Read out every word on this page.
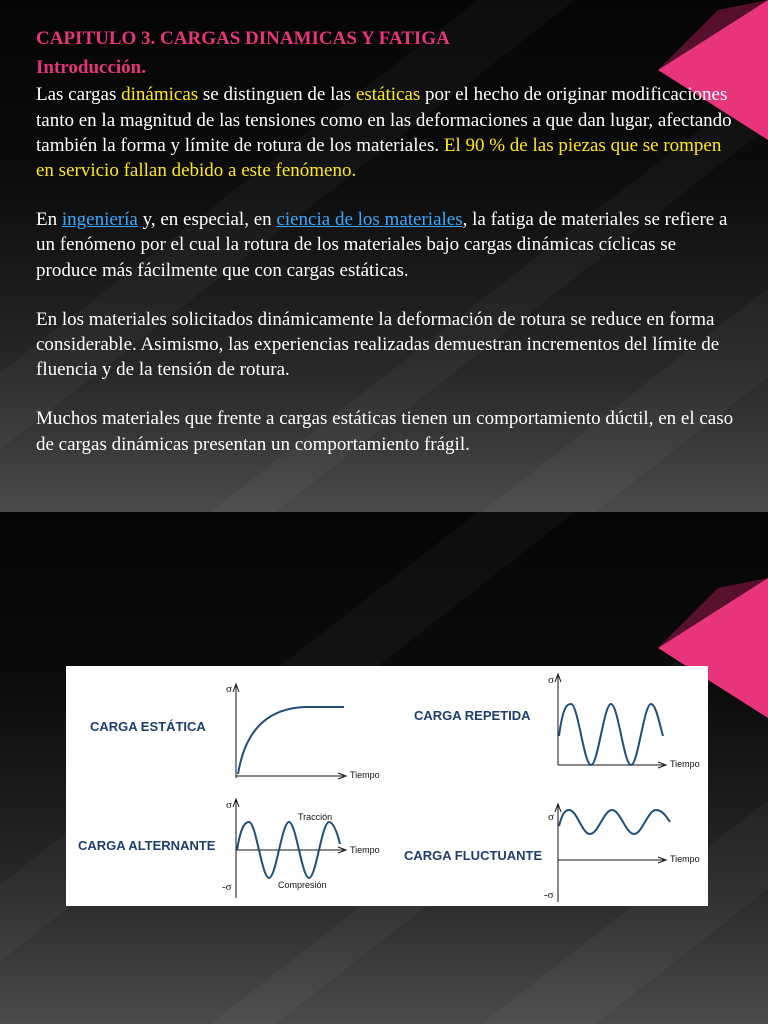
CAPITULO 3. CARGAS DINAMICAS Y FATIGA
Introducción.

Las cargas dinámicas se distinguen de las estáticas por el hecho de originar modificaciones tanto en la magnitud de las tensiones como en las deformaciones a que dan lugar, afectando también la forma y límite de rotura de los materiales. El 90 % de las piezas que se rompen en servicio fallan debido a este fenómeno.

En ingeniería y, en especial, en ciencia de los materiales, la fatiga de materiales se refiere a un fenómeno por el cual la rotura de los materiales bajo cargas dinámicas cíclicas se produce más fácilmente que con cargas estáticas.

En los materiales solicitados dinámicamente la deformación de rotura se reduce en forma considerable. Asimismo, las experiencias realizadas demuestran incrementos del límite de fluencia y de la tensión de rotura.

Muchos materiales que frente a cargas estáticas tienen un comportamiento dúctil, en el caso de cargas dinámicas presentan un comportamiento frágil.

CARGA ESTÁTICA
σ
Tiempo
CARGA REPETIDA
σ
Tiempo
CARGA ALTERNANTE
σ
-σ
Tiempo
Tracción
Compresión
CARGA FLUCTUANTE
σ
-σ
Tiempo
